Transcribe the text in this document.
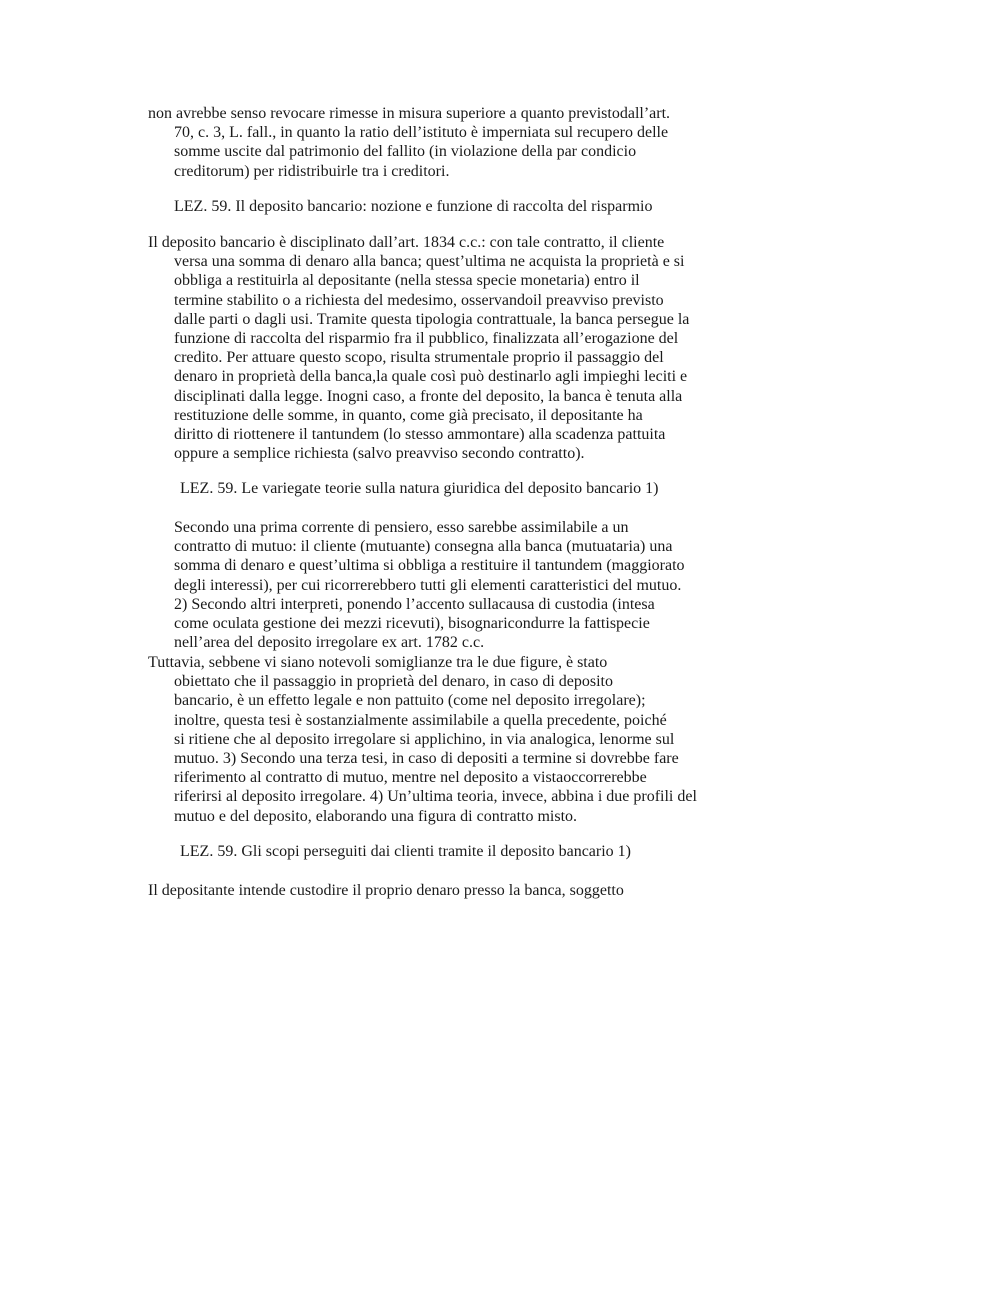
non avrebbe senso revocare rimesse in misura superiore a quanto previstodall’art.
70, c. 3, L. fall., in quanto la ratio dell’istituto è imperniata sul recupero delle
somme uscite dal patrimonio del fallito (in violazione della par condicio
creditorum) per ridistribuirle tra i creditori.
LEZ. 59. Il deposito bancario: nozione e funzione di raccolta del risparmio
Il deposito bancario è disciplinato dall’art. 1834 c.c.: con tale contratto, il cliente
versa una somma di denaro alla banca; quest’ultima ne acquista la proprietà e si
obbliga a restituirla al depositante (nella stessa specie monetaria) entro il
termine stabilito o a richiesta del medesimo, osservandoil preavviso previsto
dalle parti o dagli usi. Tramite questa tipologia contrattuale, la banca persegue la
funzione di raccolta del risparmio fra il pubblico, finalizzata all’erogazione del
credito. Per attuare questo scopo, risulta strumentale proprio il passaggio del
denaro in proprietà della banca,la quale così può destinarlo agli impieghi leciti e
disciplinati dalla legge. Inogni caso, a fronte del deposito, la banca è tenuta alla
restituzione delle somme, in quanto, come già precisato, il depositante ha
diritto di riottenere il tantundem (lo stesso ammontare) alla scadenza pattuita
oppure a semplice richiesta (salvo preavviso secondo contratto).
LEZ. 59. Le variegate teorie sulla natura giuridica del deposito bancario 1)
Secondo una prima corrente di pensiero, esso sarebbe assimilabile a un
contratto di mutuo: il cliente (mutuante) consegna alla banca (mutuataria) una
somma di denaro e quest’ultima si obbliga a restituire il tantundem (maggiorato
degli interessi), per cui ricorrerebbero tutti gli elementi caratteristici del mutuo.
2) Secondo altri interpreti, ponendo l’accento sullacausa di custodia (intesa
come oculata gestione dei mezzi ricevuti), bisognaricondurre la fattispecie
nell’area del deposito irregolare ex art. 1782 c.c.
Tuttavia, sebbene vi siano notevoli somiglianze tra le due figure, è stato
obiettato che il passaggio in proprietà del denaro, in caso di deposito
bancario, è un effetto legale e non pattuito (come nel deposito irregolare);
inoltre, questa tesi è sostanzialmente assimilabile a quella precedente, poiché
si ritiene che al deposito irregolare si applichino, in via analogica, lenorme sul
mutuo. 3) Secondo una terza tesi, in caso di depositi a termine si dovrebbe fare
riferimento al contratto di mutuo, mentre nel deposito a vistaoccorrerebbe
riferirsi al deposito irregolare. 4) Un’ultima teoria, invece, abbina i due profili del
mutuo e del deposito, elaborando una figura di contratto misto.
LEZ. 59. Gli scopi perseguiti dai clienti tramite il deposito bancario 1)
Il depositante intende custodire il proprio denaro presso la banca, soggetto
